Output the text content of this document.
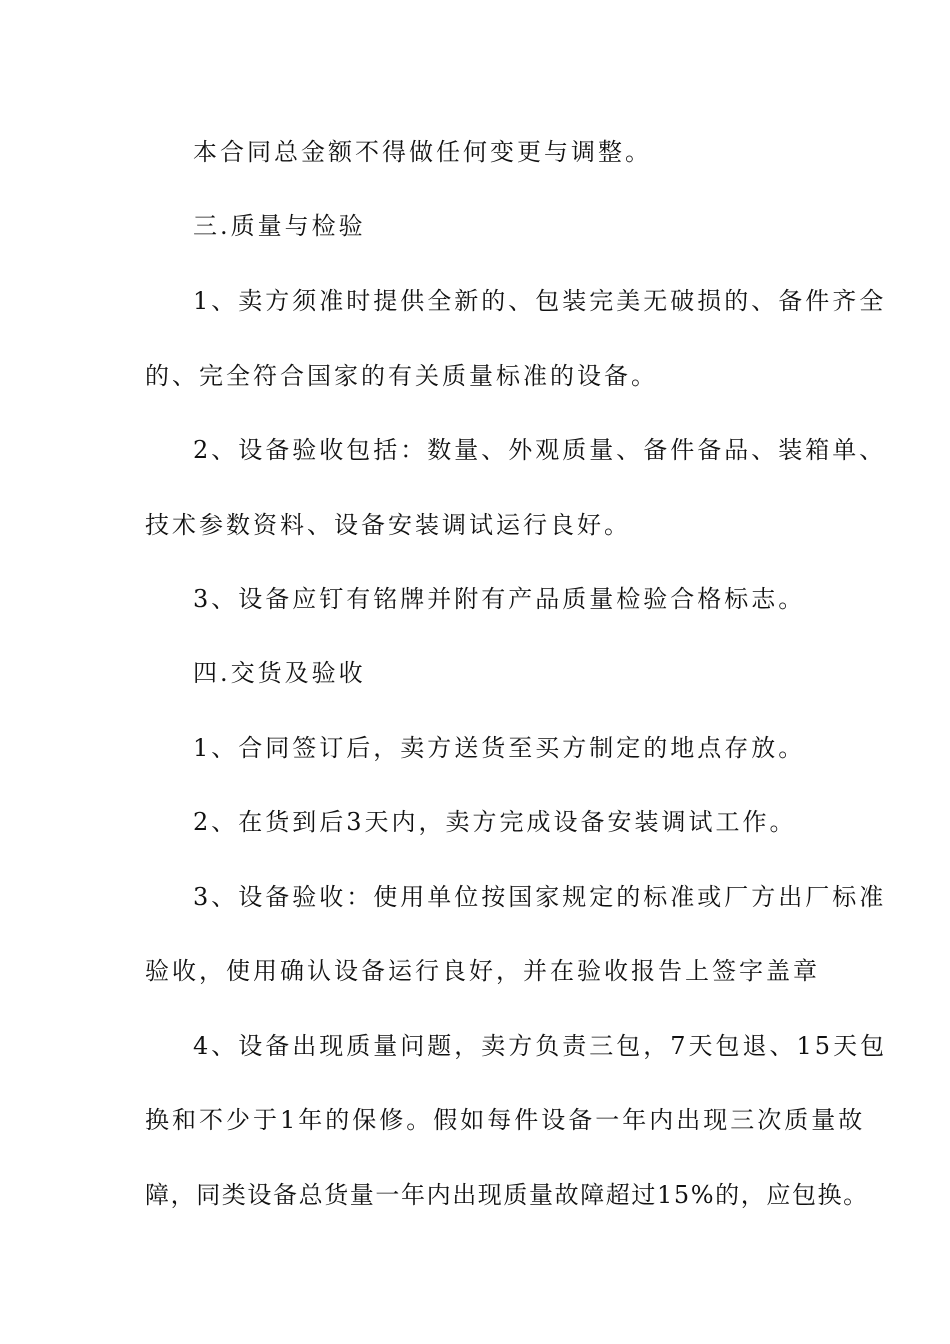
本合同总金额不得做任何变更与调整。
三.质量与检验
1、卖方须准时提供全新的、包装完美无破损的、备件齐全
的、完全符合国家的有关质量标准的设备。
2、设备验收包括：数量、外观质量、备件备品、装箱单、
技术参数资料、设备安装调试运行良好。
3、设备应钉有铭牌并附有产品质量检验合格标志。
四.交货及验收
1、合同签订后，卖方送货至买方制定的地点存放。
2、在货到后3天内，卖方完成设备安装调试工作。
3、设备验收：使用单位按国家规定的标准或厂方出厂标准
验收，使用确认设备运行良好，并在验收报告上签字盖章
4、设备出现质量问题，卖方负责三包，7天包退、15天包
换和不少于1年的保修。假如每件设备一年内出现三次质量故
障，同类设备总货量一年内出现质量故障超过15%的，应包换。
